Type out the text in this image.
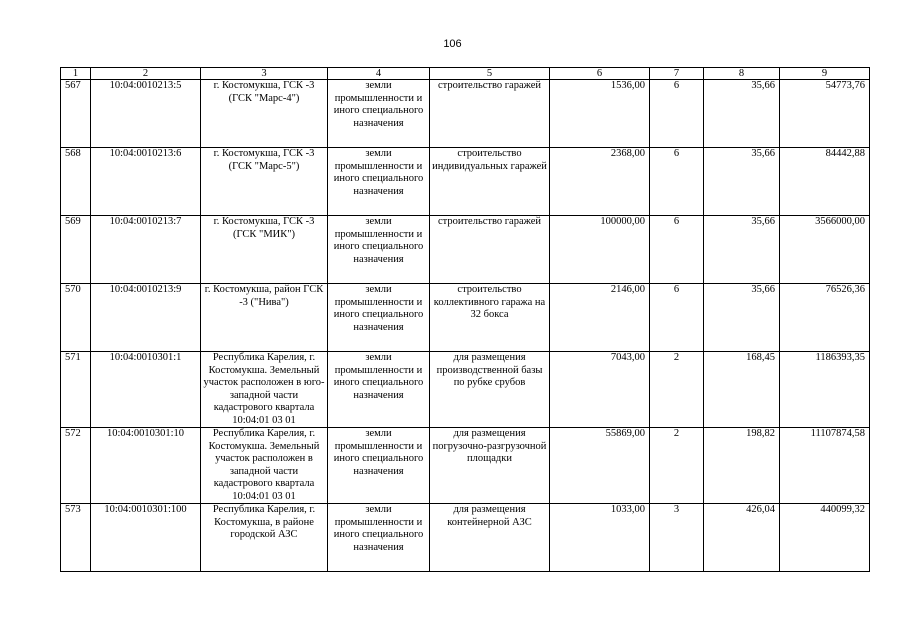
106
1	2	3	4	5	6	7	8	9
567	10:04:0010213:5	г. Костомукша, ГСК -3 (ГСК "Марс-4")	земли промышленности и иного специального назначения	строительство гаражей	1536,00	6	35,66	54773,76
568	10:04:0010213:6	г. Костомукша, ГСК -3 (ГСК "Марс-5")	земли промышленности и иного специального назначения	строительство индивидуальных гаражей	2368,00	6	35,66	84442,88
569	10:04:0010213:7	г. Костомукша, ГСК -3 (ГСК "МИК")	земли промышленности и иного специального назначения	строительство гаражей	100000,00	6	35,66	3566000,00
570	10:04:0010213:9	г. Костомукша, район ГСК -3 ("Нива")	земли промышленности и иного специального назначения	строительство коллективного гаража на 32 бокса	2146,00	6	35,66	76526,36
571	10:04:0010301:1	Республика Карелия, г. Костомукша. Земельный участок расположен в юго-западной части кадастрового квартала 10:04:01 03 01	земли промышленности и иного специального назначения	для размещения производственной базы по рубке срубов	7043,00	2	168,45	1186393,35
572	10:04:0010301:10	Республика Карелия, г. Костомукша. Земельный участок расположен в западной части кадастрового квартала 10:04:01 03 01	земли промышленности и иного специального назначения	для размещения погрузочно-разгрузочной площадки	55869,00	2	198,82	11107874,58
573	10:04:0010301:100	Республика Карелия, г. Костомукша, в районе городской АЗС	земли промышленности и иного специального назначения	для размещения контейнерной АЗС	1033,00	3	426,04	440099,32
